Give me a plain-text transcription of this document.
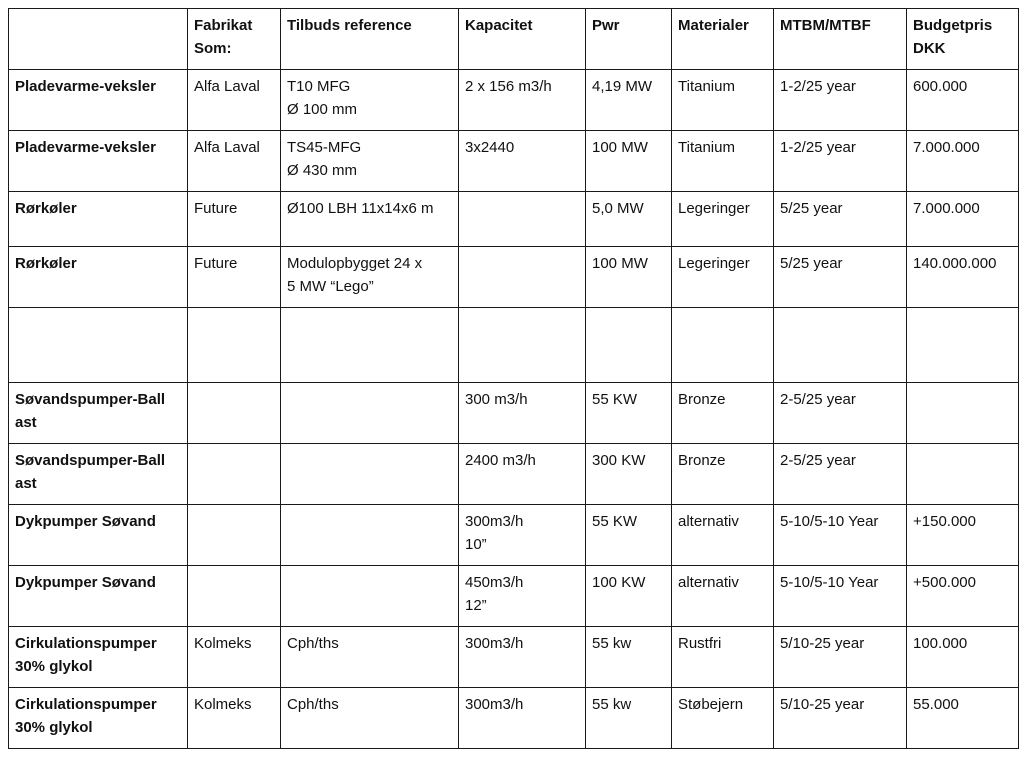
	Fabrikat
Som:	Tilbuds reference	Kapacitet	Pwr	Materialer	MTBM/MTBF	Budgetpris
DKK

Pladevarme-veksler	Alfa Laval	T10 MFG
Ø 100 mm	2 x 156 m3/h	4,19 MW	Titanium	1-2/25 year	600.000

Pladevarme-veksler	Alfa Laval	TS45-MFG
Ø 430 mm	3x2440	100 MW	Titanium	1-2/25 year	7.000.000

Rørkøler	Future	Ø100 LBH 11x14x6 m		5,0 MW	Legeringer	5/25 year	7.000.000

Rørkøler	Future	Modulopbygget 24 x
5 MW “Lego”		100 MW	Legeringer	5/25 year	140.000.000

Søvandspumper-Ball
ast			300 m3/h	55 KW	Bronze	2-5/25 year	

Søvandspumper-Ball
ast			2400 m3/h	300 KW	Bronze	2-5/25 year	

Dykpumper Søvand			300m3/h
10”	55 KW	alternativ	5-10/5-10 Year	+150.000

Dykpumper Søvand			450m3/h
12”	100 KW	alternativ	5-10/5-10 Year	+500.000

Cirkulationspumper
30% glykol	Kolmeks	Cph/ths	300m3/h	55 kw	Rustfri	5/10-25 year	100.000

Cirkulationspumper
30% glykol	Kolmeks	Cph/ths	300m3/h	55 kw	Støbejern	5/10-25 year	55.000
